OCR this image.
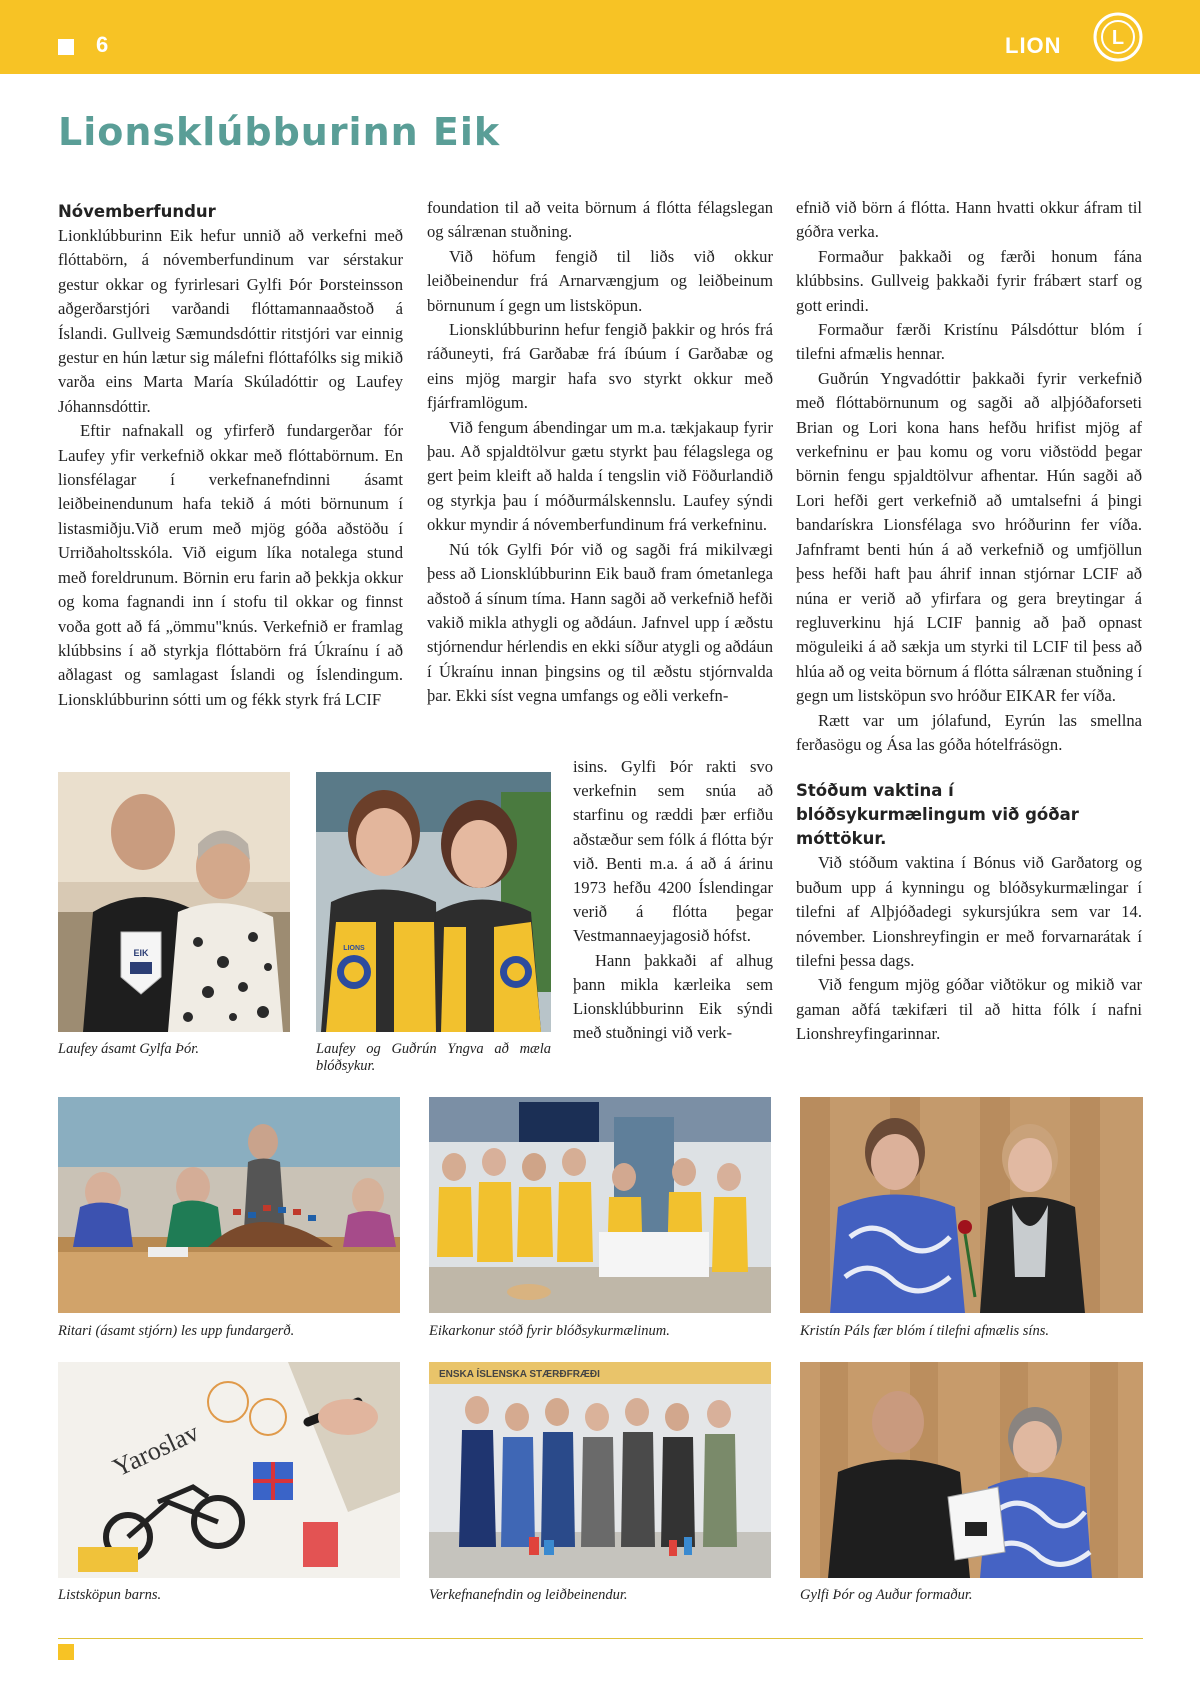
6	LION	L
Lionsklúbburinn Eik
Nóvemberfundur

Lionklúbburinn Eik hefur unnið að verkefni með flóttabörn, á nóvemberfundinum var sérstakur gestur okkar og fyrirlesari Gylfi Þór Þorsteinsson aðgerðarstjóri varðandi flóttamannaaðstoð á Íslandi. Gullveig Sæmundsdóttir ritstjóri var einnig gestur en hún lætur sig málefni flóttafólks sig mikið varða eins Marta María Skúladóttir og Laufey Jóhannsdóttir.

Eftir nafnakall og yfirferð fundargerðar fór Laufey yfir verkefnið okkar með flóttabörnum. En lionsfélagar í verkefnanefndinni ásamt leiðbeinendunum hafa tekið á móti börnunum í listasmiðju.Við erum með mjög góða aðstöðu í Urriðaholtsskóla. Við eigum líka notalega stund með foreldrunum. Börnin eru farin að þekkja okkur og koma fagnandi inn í stofu til okkar og finnst voða gott að fá „ömmu"knús. Verkefnið er framlag klúbbsins í að styrkja flóttabörn frá Úkraínu í að aðlagast og samlagast Íslandi og Íslendingum. Lionsklúbburinn sótti um og fékk styrk frá LCIF

foundation til að veita börnum á flótta félagslegan og sálrænan stuðning.

Við höfum fengið til liðs við okkur leiðbeinendur frá Arnarvængjum og leiðbeinum börnunum í gegn um listsköpun.

Lionsklúbburinn hefur fengið þakkir og hrós frá ráðuneyti, frá Garðabæ frá íbúum í Garðabæ og eins mjög margir hafa svo styrkt okkur með fjárframlögum.

Við fengum ábendingar um m.a. tækjakaup fyrir þau. Að spjaldtölvur gætu styrkt þau félagslega og gert þeim kleift að halda í tengslin við Föðurlandið og styrkja þau í móðurmálskennslu. Laufey sýndi okkur myndir á nóvemberfundinum frá verkefninu.

Nú tók Gylfi Þór við og sagði frá mikilvægi þess að Lionsklúbburinn Eik bauð fram ómetanlega aðstoð á sínum tíma. Hann sagði að verkefnið hefði vakið mikla athygli og aðdáun. Jafnvel upp í æðstu stjórnendur hérlendis en ekki síður atygli og aðdáun í Úkraínu innan þingsins og til æðstu stjórnvalda þar. Ekki síst vegna umfangs og eðli verkefn-

isins. Gylfi Þór rakti svo verkefnin sem snúa að starfinu og ræddi þær erfiðu aðstæður sem fólk á flótta býr við. Benti m.a. á að á árinu 1973 hefðu 4200 Íslendingar verið á flótta þegar Vestmannaeyjagosið hófst.

Hann þakkaði af alhug þann mikla kærleika sem Lionsklúbburinn Eik sýndi með stuðningi við verk-

efnið við börn á flótta. Hann hvatti okkur áfram til góðra verka.

Formaður þakkaði og færði honum fána klúbbsins. Gullveig þakkaði fyrir frábært starf og gott erindi.

Formaður færði Kristínu Pálsdóttur blóm í tilefni afmælis hennar.

Guðrún Yngvadóttir þakkaði fyrir verkefnið með flóttabörnunum og sagði að alþjóðaforseti Brian og Lori kona hans hefðu hrifist mjög af verkefninu er þau komu og voru viðstödd þegar börnin fengu spjaldtölvur afhentar. Hún sagði að Lori hefði gert verkefnið að umtalsefni á þingi bandarískra Lionsfélaga svo hróðurinn fer víða. Jafnframt benti hún á að verkefnið og umfjöllun þess hefði haft þau áhrif innan stjórnar LCIF að núna er verið að yfirfara og gera breytingar á regluverkinu hjá LCIF þannig að það opnast möguleiki á að sækja um styrki til LCIF til þess að hlúa að og veita börnum á flótta sálrænan stuðning í gegn um listsköpun svo hróður EIKAR fer víða.

Rætt var um jólafund, Eyrún las smellna ferðasögu og Ása las góða hótelfrásögn.

Stóðum vaktina í blóðsykurmælingum við góðar móttökur.

Við stóðum vaktina í Bónus við Garðatorg og buðum upp á kynningu og blóðsykurmælingar í tilefni af Alþjóðadegi sykursjúkra sem var 14. nóvember. Lionshreyfingin er með forvarnarátak í tilefni þessa dags.

Við fengum mjög góðar viðtökur og mikið var gaman aðfá tækifæri til að hitta fólk í nafni Lionshreyfingarinnar.

EIK
Laufey ásamt Gylfa Þór.
LIONS
Laufey og Guðrún Yngva að mæla blóðsykur.
Ritari (ásamt stjórn) les upp fundargerð.	Eikarkonur stóð fyrir blóðsykurmælinum.	Kristín Páls fær blóm í tilefni afmælis síns.
Yaroslav
Listsköpun barns.
ENSKA ÍSLENSKA STÆRÐFRÆÐI
Verkefnanefndin og leiðbeinendur.	Gylfi Þór og Auður formaður.
